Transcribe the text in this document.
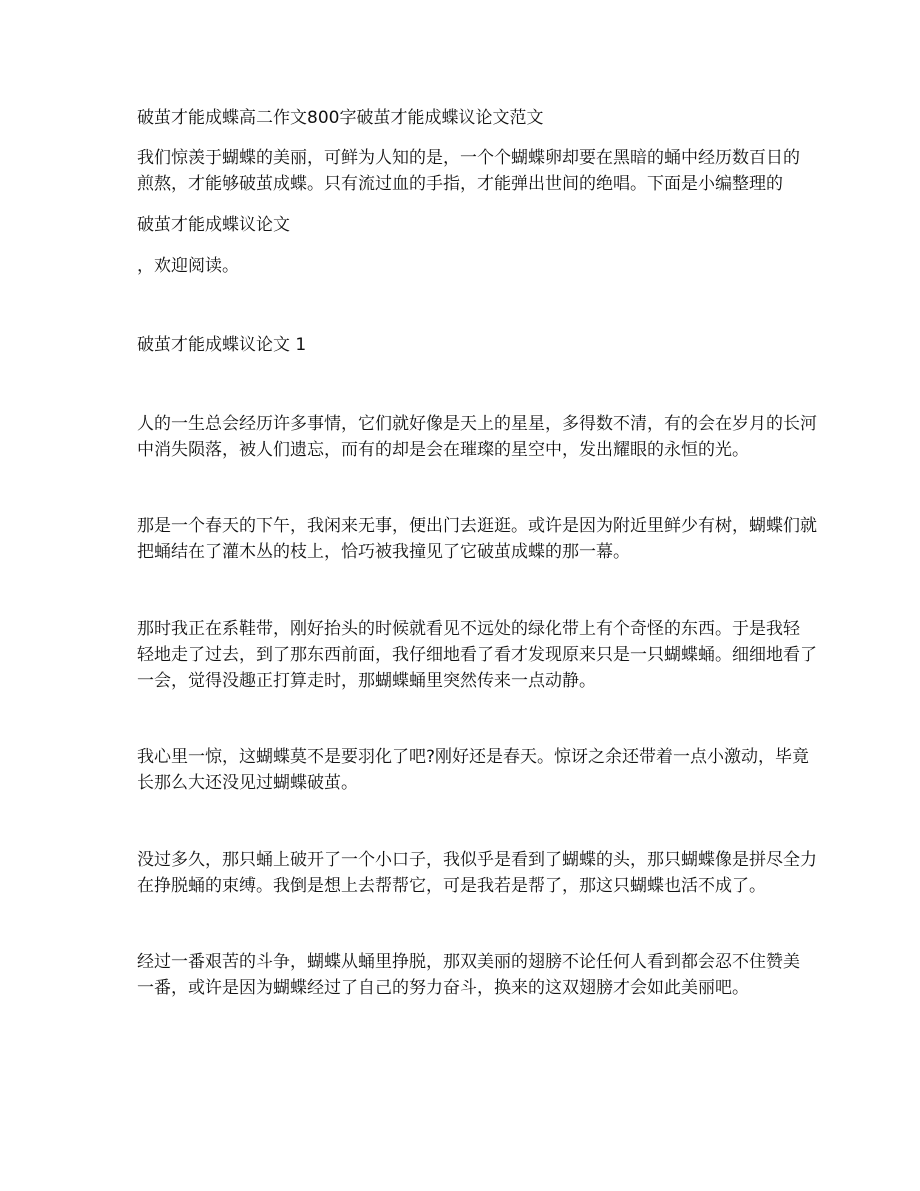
破茧才能成蝶高二作文800字破茧才能成蝶议论文范文
我们惊羡于蝴蝶的美丽，可鲜为人知的是，一个个蝴蝶卵却要在黑暗的蛹中经历数百日的
煎熬，才能够破茧成蝶。只有流过血的手指，才能弹出世间的绝唱。下面是小编整理的
破茧才能成蝶议论文
，欢迎阅读。
破茧才能成蝶议论文 1
人的一生总会经历许多事情，它们就好像是天上的星星，多得数不清，有的会在岁月的长河
中消失陨落，被人们遗忘，而有的却是会在璀璨的星空中，发出耀眼的永恒的光。
那是一个春天的下午，我闲来无事，便出门去逛逛。或许是因为附近里鲜少有树，蝴蝶们就
把蛹结在了灌木丛的枝上，恰巧被我撞见了它破茧成蝶的那一幕。
那时我正在系鞋带，刚好抬头的时候就看见不远处的绿化带上有个奇怪的东西。于是我轻
轻地走了过去，到了那东西前面，我仔细地看了看才发现原来只是一只蝴蝶蛹。细细地看了
一会，觉得没趣正打算走时，那蝴蝶蛹里突然传来一点动静。
我心里一惊，这蝴蝶莫不是要羽化了吧?刚好还是春天。惊讶之余还带着一点小激动，毕竟
长那么大还没见过蝴蝶破茧。
没过多久，那只蛹上破开了一个小口子，我似乎是看到了蝴蝶的头，那只蝴蝶像是拼尽全力
在挣脱蛹的束缚。我倒是想上去帮帮它，可是我若是帮了，那这只蝴蝶也活不成了。
经过一番艰苦的斗争，蝴蝶从蛹里挣脱，那双美丽的翅膀不论任何人看到都会忍不住赞美
一番，或许是因为蝴蝶经过了自己的努力奋斗，换来的这双翅膀才会如此美丽吧。
